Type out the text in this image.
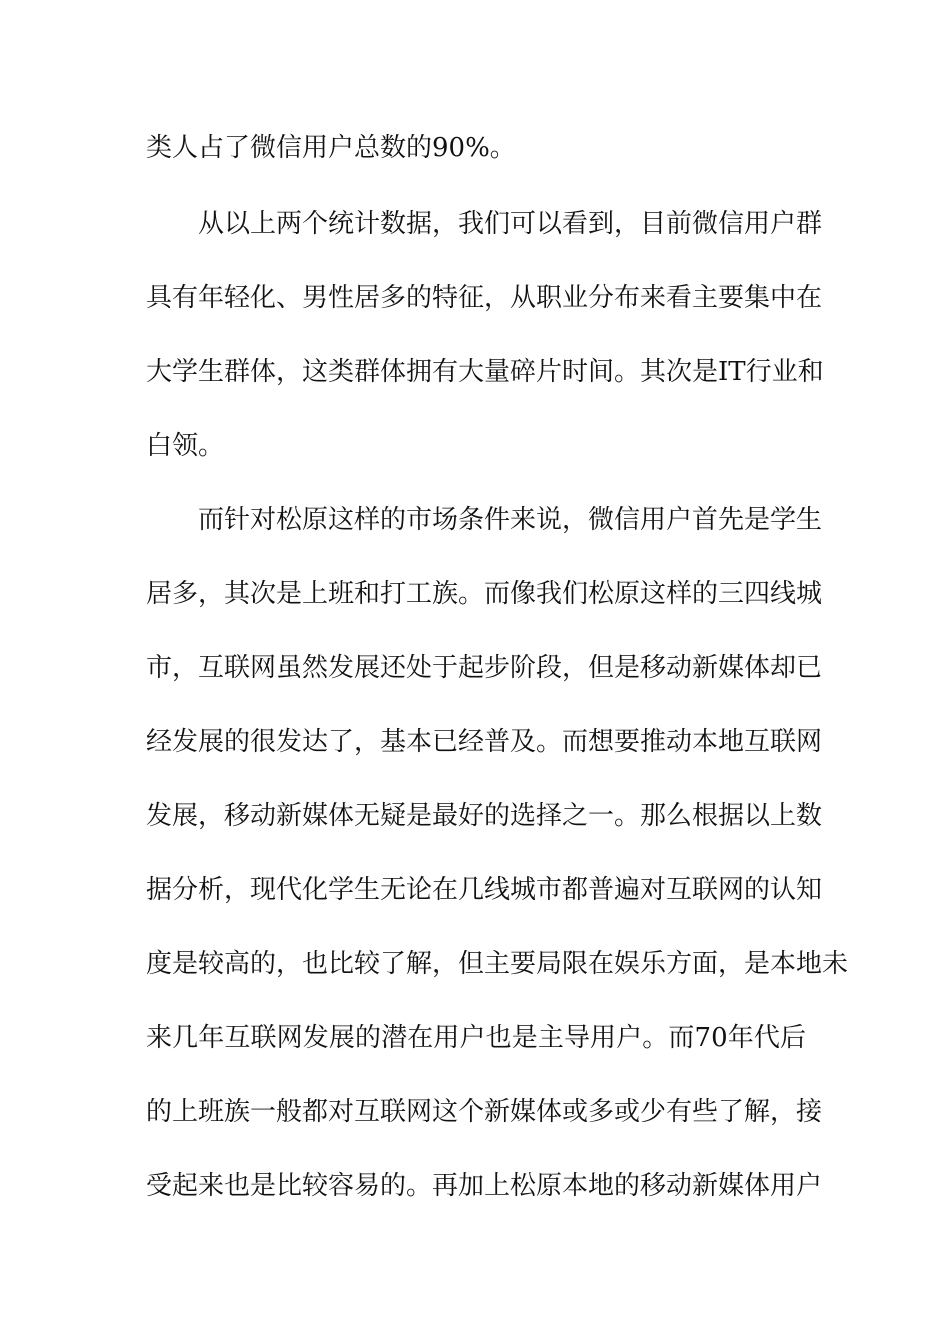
类人占了微信用户总数的90%。
从以上两个统计数据，我们可以看到，目前微信用户群
具有年轻化、男性居多的特征，从职业分布来看主要集中在
大学生群体，这类群体拥有大量碎片时间。其次是IT行业和
白领。
而针对松原这样的市场条件来说，微信用户首先是学生
居多，其次是上班和打工族。而像我们松原这样的三四线城
市，互联网虽然发展还处于起步阶段，但是移动新媒体却已
经发展的很发达了，基本已经普及。而想要推动本地互联网
发展，移动新媒体无疑是最好的选择之一。那么根据以上数
据分析，现代化学生无论在几线城市都普遍对互联网的认知
度是较高的，也比较了解，但主要局限在娱乐方面，是本地未
来几年互联网发展的潜在用户也是主导用户。而70年代后
的上班族一般都对互联网这个新媒体或多或少有些了解，接
受起来也是比较容易的。再加上松原本地的移动新媒体用户
